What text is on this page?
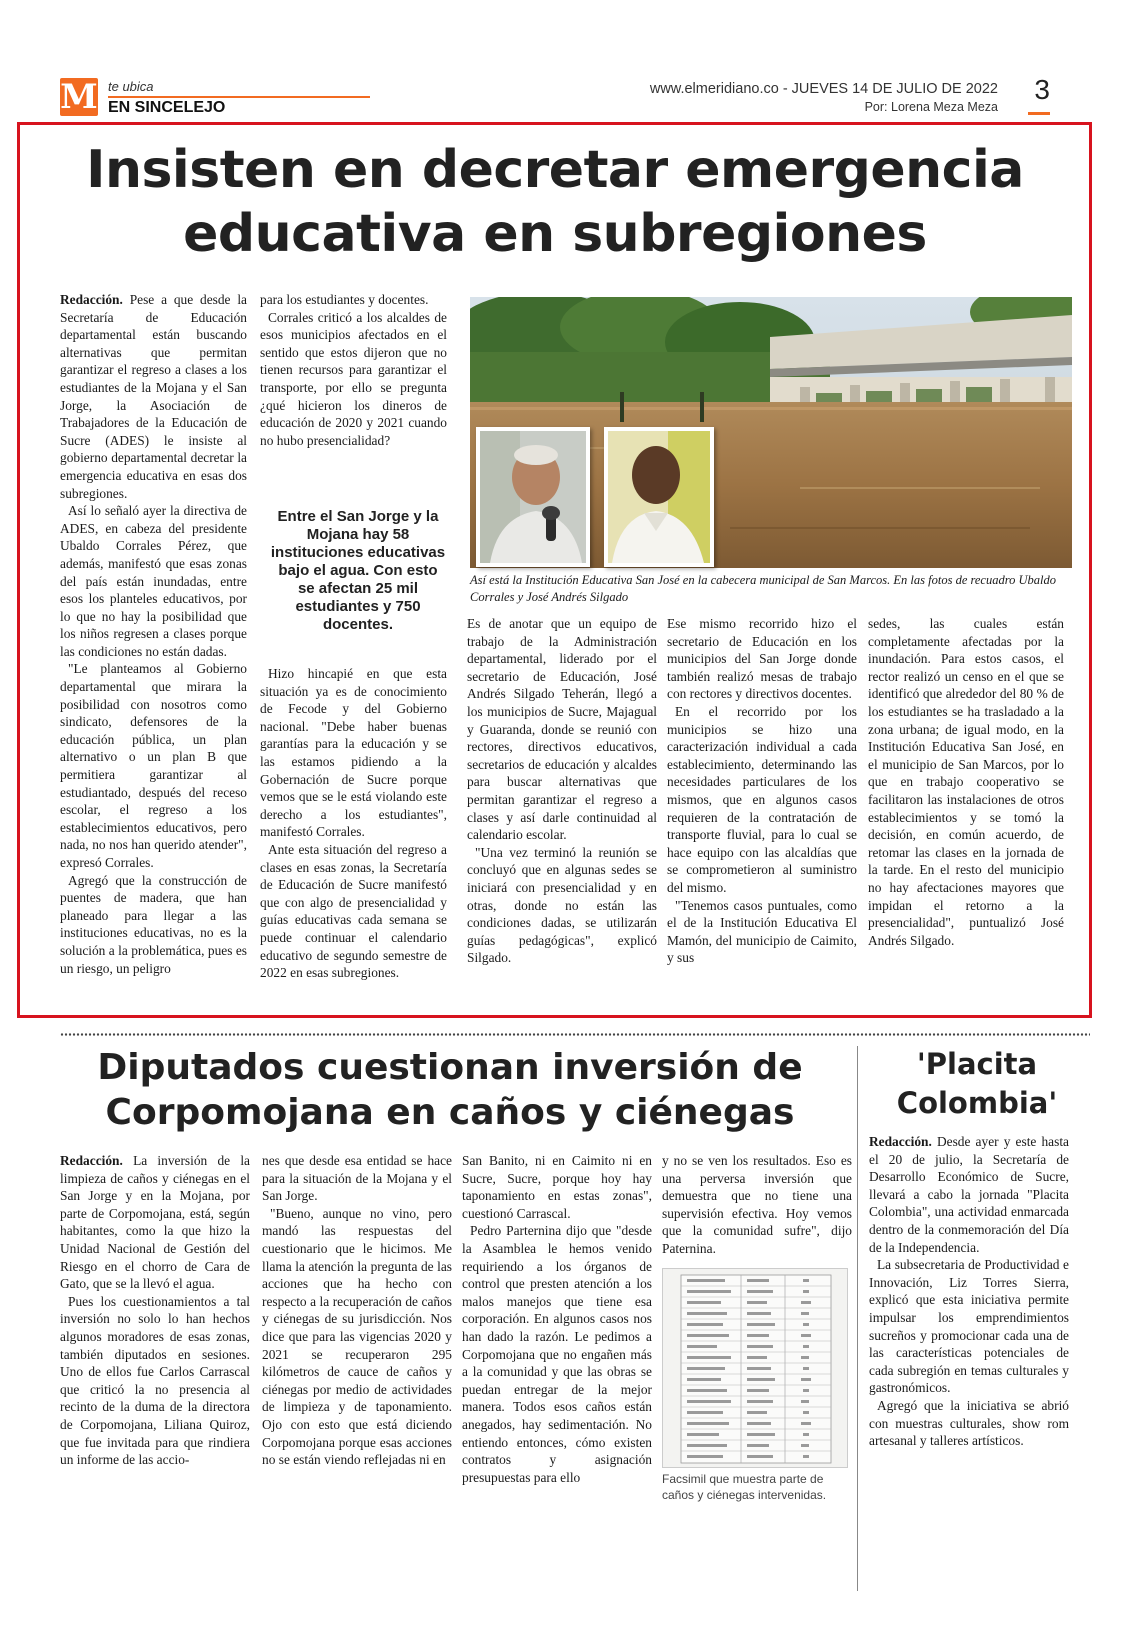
M te ubica
EN SINCELEJO
www.elmeridiano.co - JUEVES 14 DE JULIO DE 2022
Por: Lorena Meza Meza
3
Insisten en decretar emergencia
educativa en subregiones

Redacción. Pese a que desde la Secretaría de Educación departamental están buscando alternativas que permitan garantizar el regreso a clases a los estudiantes de la Mojana y el San Jorge, la Asociación de Trabajadores de la Educación de Sucre (ADES) le insiste al gobierno departamental decretar la emergencia educativa en esas dos subregiones.

Así lo señaló ayer la directiva de ADES, en cabeza del presidente Ubaldo Corrales Pérez, que además, manifestó que esas zonas del país están inundadas, entre esos los planteles educativos, por lo que no hay la posibilidad que los niños regresen a clases porque las condiciones no están dadas.

"Le planteamos al Gobierno departamental que mirara la posibilidad con nosotros como sindicato, defensores de la educación pública, un plan alternativo o un plan B que permitiera garantizar al estudiantado, después del receso escolar, el regreso a los establecimientos educativos, pero nada, no nos han querido atender", expresó Corrales.

Agregó que la construcción de puentes de madera, que han planeado para llegar a las instituciones educativas, no es la solución a la problemática, pues es un riesgo, un peligro

para los estudiantes y docentes.

Corrales criticó a los alcaldes de esos municipios afectados en el sentido que estos dijeron que no tienen recursos para garantizar el transporte, por ello se pregunta ¿qué hicieron los dineros de educación de 2020 y 2021 cuando no hubo presencialidad?

Entre el San Jorge y la Mojana hay 58 instituciones educativas bajo el agua. Con esto se afectan 25 mil estudiantes y 750 docentes.

Hizo hincapié en que esta situación ya es de conocimiento de Fecode y del Gobierno nacional. "Debe haber buenas garantías para la educación y se las estamos pidiendo a la Gobernación de Sucre porque vemos que se le está violando este derecho a los estudiantes", manifestó Corrales.

Ante esta situación del regreso a clases en esas zonas, la Secretaría de Educación de Sucre manifestó que con algo de presencialidad y guías educativas cada semana se puede continuar el calendario educativo de segundo semestre de 2022 en esas subregiones.

Así está la Institución Educativa San José en la cabecera municipal de San Marcos. En las fotos de recuadro Ubaldo Corrales y José Andrés Silgado

Es de anotar que un equipo de trabajo de la Administración departamental, liderado por el secretario de Educación, José Andrés Silgado Teherán, llegó a los municipios de Sucre, Majagual y Guaranda, donde se reunió con rectores, directivos educativos, secretarios de educación y alcaldes para buscar alternativas que permitan garantizar el regreso a clases y así darle continuidad al calendario escolar.

"Una vez terminó la reunión se concluyó que en algunas sedes se iniciará con presencialidad y en otras, donde no están las condiciones dadas, se utilizarán guías pedagógicas", explicó Silgado.

Ese mismo recorrido hizo el secretario de Educación en los municipios del San Jorge donde también realizó mesas de trabajo con rectores y directivos docentes.

En el recorrido por los municipios se hizo una caracterización individual a cada establecimiento, determinando las necesidades particulares de los mismos, que en algunos casos requieren de la contratación de transporte fluvial, para lo cual se hace equipo con las alcaldías que se comprometieron al suministro del mismo.

"Tenemos casos puntuales, como el de la Institución Educativa El Mamón, del municipio de Caimito, y sus

sedes, las cuales están completamente afectadas por la inundación. Para estos casos, el rector realizó un censo en el que se identificó que alrededor del 80 % de los estudiantes se ha trasladado a la zona urbana; de igual modo, en la Institución Educativa San José, en el municipio de San Marcos, por lo que en trabajo cooperativo se facilitaron las instalaciones de otros establecimientos y se tomó la decisión, en común acuerdo, de retomar las clases en la jornada de la tarde. En el resto del municipio no hay afectaciones mayores que impidan el retorno a la presencialidad", puntualizó José Andrés Silgado.

Diputados cuestionan inversión de
Corpomojana en caños y ciénegas

Redacción. La inversión de la limpieza de caños y ciénegas en el San Jorge y en la Mojana, por parte de Corpomojana, está, según habitantes, como la que hizo la Unidad Nacional de Gestión del Riesgo en el chorro de Cara de Gato, que se la llevó el agua.

Pues los cuestionamientos a tal inversión no solo lo han hechos algunos moradores de esas zonas, también diputados en sesiones. Uno de ellos fue Carlos Carrascal que criticó la no presencia al recinto de la duma de la directora de Corpomojana, Liliana Quiroz, que fue invitada para que rindiera un informe de las accio-

nes que desde esa entidad se hace para la situación de la Mojana y el San Jorge.

"Bueno, aunque no vino, pero mandó las respuestas del cuestionario que le hicimos. Me llama la atención la pregunta de las acciones que ha hecho con respecto a la recuperación de caños y ciénegas de su jurisdicción. Nos dice que para las vigencias 2020 y 2021 se recuperaron 295 kilómetros de cauce de caños y ciénegas por medio de actividades de limpieza y de taponamiento. Ojo con esto que está diciendo Corpomojana porque esas acciones no se están viendo reflejadas ni en

San Banito, ni en Caimito ni en Sucre, Sucre, porque hoy hay taponamiento en estas zonas", cuestionó Carrascal.

Pedro Parternina dijo que "desde la Asamblea le hemos venido requiriendo a los órganos de control que presten atención a los malos manejos que tiene esa corporación. En algunos casos nos han dado la razón. Le pedimos a Corpomojana que no engañen más a la comunidad y que las obras se puedan entregar de la mejor manera. Todos esos caños están anegados, hay sedimentación. No entiendo entonces, cómo existen contratos y asignación presupuestas para ello

y no se ven los resultados. Eso es una perversa inversión que demuestra que no tiene una supervisión efectiva. Hoy vemos que la comunidad sufre", dijo Paternina.

Facsimil que muestra parte de caños y ciénegas intervenidas.

'Placita
Colombia'

Redacción. Desde ayer y este hasta el 20 de julio, la Secretaría de Desarrollo Económico de Sucre, llevará a cabo la jornada "Placita Colombia", una actividad enmarcada dentro de la conmemoración del Día de la Independencia.

La subsecretaria de Productividad e Innovación, Liz Torres Sierra, explicó que esta iniciativa permite impulsar los emprendimientos sucreños y promocionar cada una de las características potenciales de cada subregión en temas culturales y gastronómicos.

Agregó que la iniciativa se abrió con muestras culturales, show rom artesanal y talleres artísticos.
